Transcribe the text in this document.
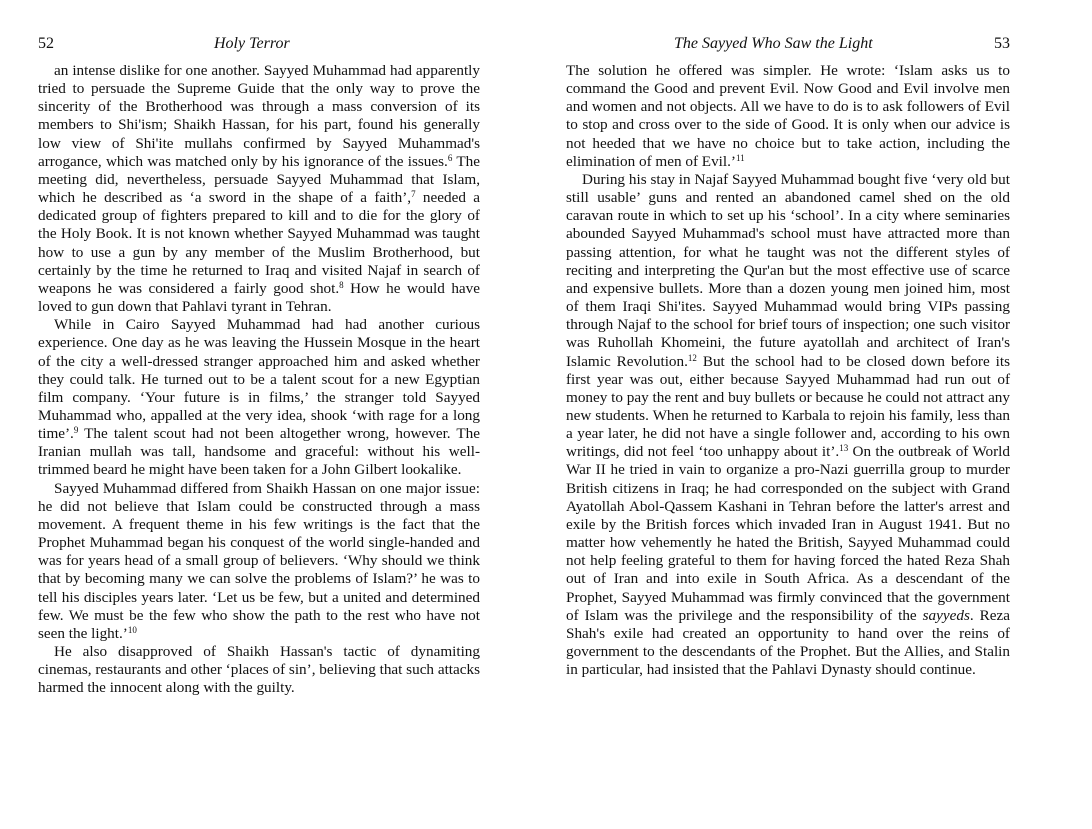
52	Holy Terror

an intense dislike for one another. Sayyed Muhammad had apparently tried to persuade the Supreme Guide that the only way to prove the sincerity of the Brotherhood was through a mass conversion of its members to Shi'ism; Shaikh Hassan, for his part, found his generally low view of Shi'ite mullahs confirmed by Sayyed Muhammad's arrogance, which was matched only by his ignorance of the issues.$^6$ The meeting did, nevertheless, persuade Sayyed Muhammad that Islam, which he described as ‘a sword in the shape of a faith’,$^7$ needed a dedicated group of fighters prepared to kill and to die for the glory of the Holy Book. It is not known whether Sayyed Muhammad was taught how to use a gun by any member of the Muslim Brotherhood, but certainly by the time he returned to Iraq and visited Najaf in search of weapons he was considered a fairly good shot.$^8$ How he would have loved to gun down that Pahlavi tyrant in Tehran.

While in Cairo Sayyed Muhammad had had another curious experience. One day as he was leaving the Hussein Mosque in the heart of the city a well-dressed stranger approached him and asked whether they could talk. He turned out to be a talent scout for a new Egyptian film company. ‘Your future is in films,’ the stranger told Sayyed Muhammad who, appalled at the very idea, shook ‘with rage for a long time’.$^9$ The talent scout had not been altogether wrong, however. The Iranian mullah was tall, handsome and graceful: without his well-trimmed beard he might have been taken for a John Gilbert lookalike.

Sayyed Muhammad differed from Shaikh Hassan on one major issue: he did not believe that Islam could be constructed through a mass movement. A frequent theme in his few writings is the fact that the Prophet Muhammad began his conquest of the world single-handed and was for years head of a small group of believers. ‘Why should we think that by becoming many we can solve the problems of Islam?’ he was to tell his disciples years later. ‘Let us be few, but a united and determined few. We must be the few who show the path to the rest who have not seen the light.’$^{10}$

He also disapproved of Shaikh Hassan's tactic of dynamiting cinemas, restaurants and other ‘places of sin’, believing that such attacks harmed the innocent along with the guilty.

The Sayyed Who Saw the Light	53

The solution he offered was simpler. He wrote: ‘Islam asks us to command the Good and prevent Evil. Now Good and Evil involve men and women and not objects. All we have to do is to ask followers of Evil to stop and cross over to the side of Good. It is only when our advice is not heeded that we have no choice but to take action, including the elimination of men of Evil.’$^{11}$

During his stay in Najaf Sayyed Muhammad bought five ‘very old but still usable’ guns and rented an abandoned camel shed on the old caravan route in which to set up his ‘school’. In a city where seminaries abounded Sayyed Muhammad's school must have attracted more than passing attention, for what he taught was not the different styles of reciting and interpreting the Qur'an but the most effective use of scarce and expensive bullets. More than a dozen young men joined him, most of them Iraqi Shi'ites. Sayyed Muhammad would bring VIPs passing through Najaf to the school for brief tours of inspection; one such visitor was Ruhollah Khomeini, the future ayatollah and architect of Iran's Islamic Revolution.$^{12}$ But the school had to be closed down before its first year was out, either because Sayyed Muhammad had run out of money to pay the rent and buy bullets or because he could not attract any new students. When he returned to Karbala to rejoin his family, less than a year later, he did not have a single follower and, according to his own writings, did not feel ‘too unhappy about it’.$^{13}$ On the outbreak of World War II he tried in vain to organize a pro-Nazi guerrilla group to murder British citizens in Iraq; he had corresponded on the subject with Grand Ayatollah Abol-Qassem Kashani in Tehran before the latter's arrest and exile by the British forces which invaded Iran in August 1941. But no matter how vehemently he hated the British, Sayyed Muhammad could not help feeling grateful to them for having forced the hated Reza Shah out of Iran and into exile in South Africa. As a descendant of the Prophet, Sayyed Muhammad was firmly convinced that the government of Islam was the privilege and the responsibility of the sayyeds. Reza Shah's exile had created an opportunity to hand over the reins of government to the descendants of the Prophet. But the Allies, and Stalin in particular, had insisted that the Pahlavi Dynasty should continue.
